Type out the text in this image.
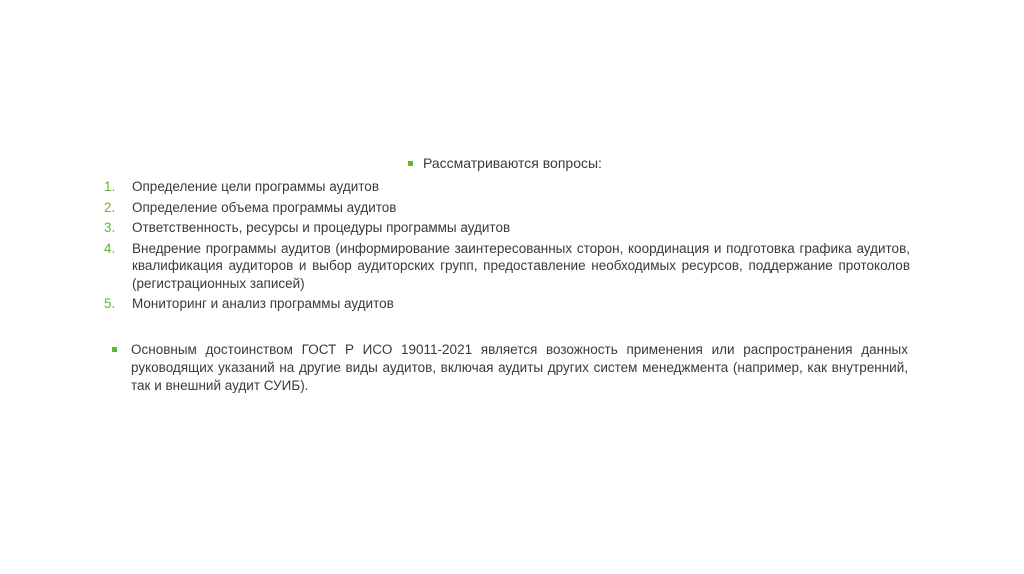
Рассматриваются вопросы:
1.	Определение цели программы аудитов
2.	Определение объема программы аудитов
3.	Ответственность, ресурсы и процедуры программы аудитов
4.	Внедрение программы аудитов (информирование заинтересованных сторон, координация и подготовка графика аудитов, квалификация аудиторов и выбор аудиторских групп, предоставление необходимых ресурсов, поддержание протоколов (регистрационных записей)
5.	Мониторинг и анализ программы аудитов
Основным достоинством ГОСТ Р ИСО 19011-2021 является возожность применения или распространения данных руководящих указаний на другие виды аудитов, включая аудиты других систем менеджмента (например, как внутренний, так и внешний аудит СУИБ).
